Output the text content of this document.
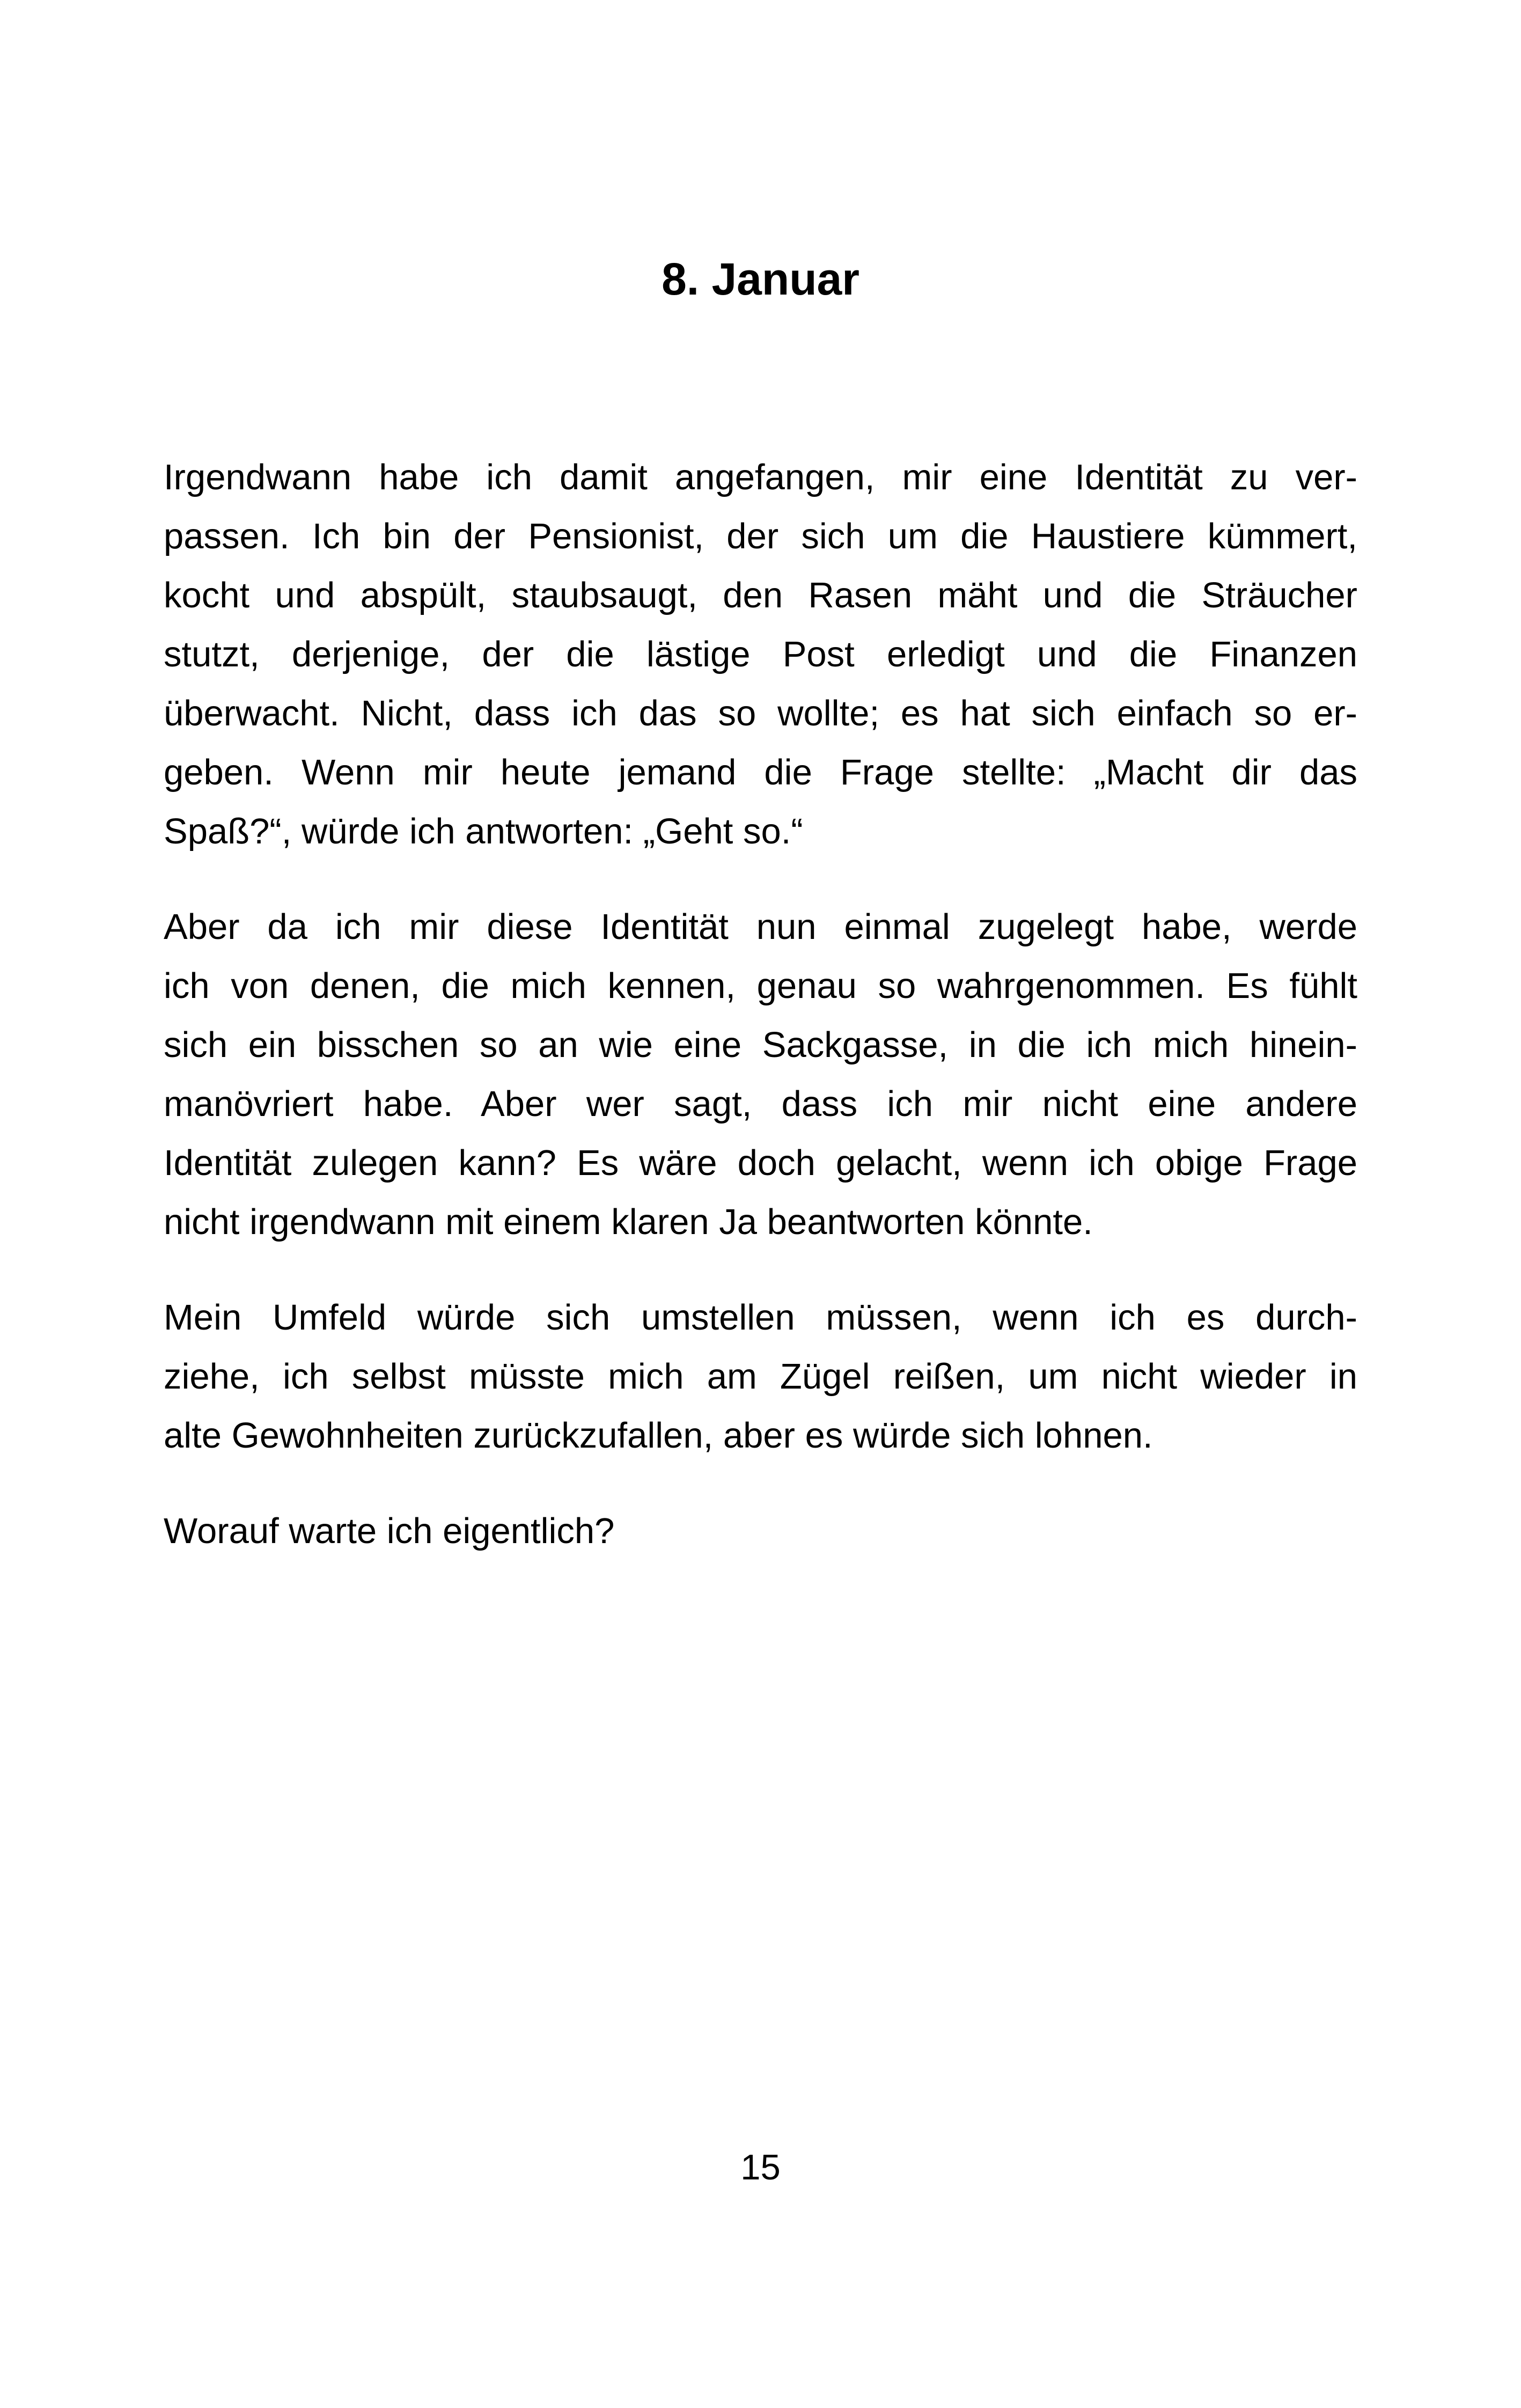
8. Januar

Irgendwann habe ich damit angefangen, mir eine Identität zu ver-
passen. Ich bin der Pensionist, der sich um die Haustiere kümmert,
kocht und abspült, staubsaugt, den Rasen mäht und die Sträucher
stutzt, derjenige, der die lästige Post erledigt und die Finanzen
überwacht. Nicht, dass ich das so wollte; es hat sich einfach so er-
geben. Wenn mir heute jemand die Frage stellte: „Macht dir das
Spaß?“, würde ich antworten: „Geht so.“

Aber da ich mir diese Identität nun einmal zugelegt habe, werde
ich von denen, die mich kennen, genau so wahrgenommen. Es fühlt
sich ein bisschen so an wie eine Sackgasse, in die ich mich hinein-
manövriert habe. Aber wer sagt, dass ich mir nicht eine andere
Identität zulegen kann? Es wäre doch gelacht, wenn ich obige Frage
nicht irgendwann mit einem klaren Ja beantworten könnte.

Mein Umfeld würde sich umstellen müssen, wenn ich es durch-
ziehe, ich selbst müsste mich am Zügel reißen, um nicht wieder in
alte Gewohnheiten zurückzufallen, aber es würde sich lohnen.

Worauf warte ich eigentlich?

15
